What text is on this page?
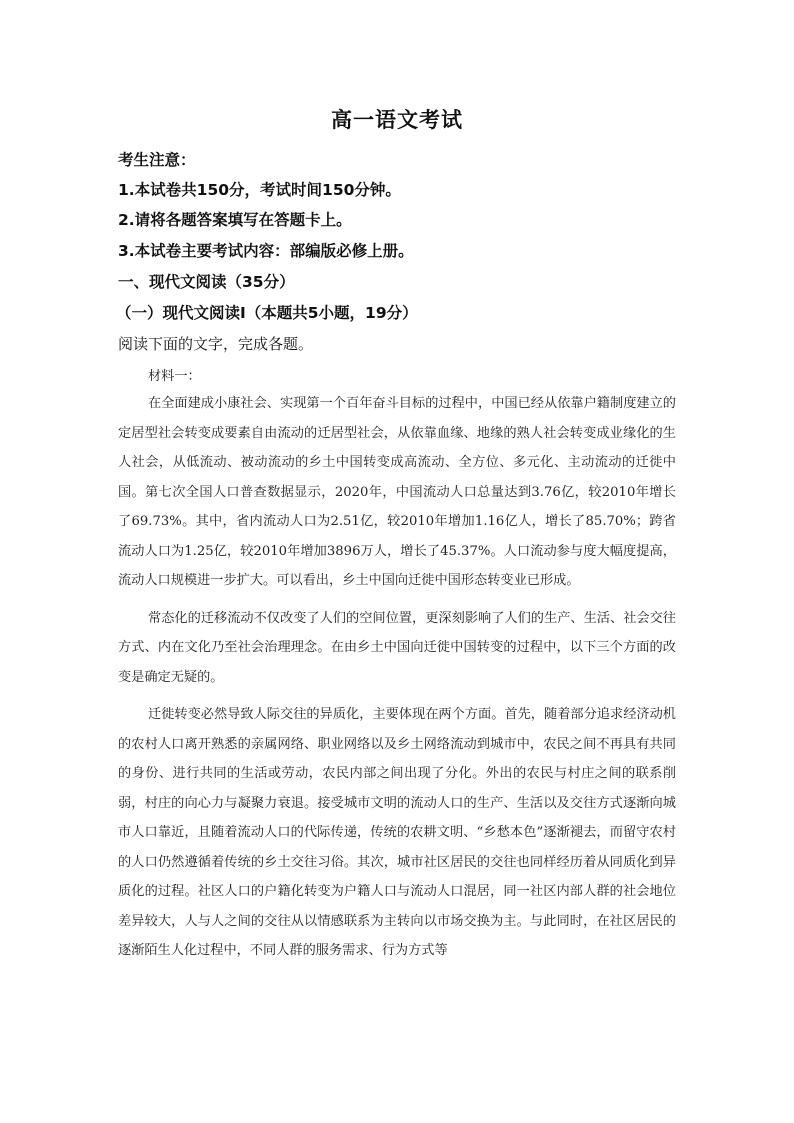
高一语文考试
考生注意：
1.本试卷共150分，考试时间150分钟。
2.请将各题答案填写在答题卡上。
3.本试卷主要考试内容：部编版必修上册。
一、现代文阅读（35分）
（一）现代文阅读Ⅰ（本题共5小题，19分）
阅读下面的文字，完成各题。
材料一：

在全面建成小康社会、实现第一个百年奋斗目标的过程中，中国已经从依靠户籍制度建立的定居型社会转变成要素自由流动的迁居型社会，从依靠血缘、地缘的熟人社会转变成业缘化的生人社会，从低流动、被动流动的乡土中国转变成高流动、全方位、多元化、主动流动的迁徙中国。第七次全国人口普查数据显示，2020年，中国流动人口总量达到3.76亿，较2010年增长了69.73%。其中，省内流动人口为2.51亿，较2010年增加1.16亿人，增长了85.70%；跨省流动人口为1.25亿，较2010年增加3896万人，增长了45.37%。人口流动参与度大幅度提高，流动人口规模进一步扩大。可以看出，乡土中国向迁徙中国形态转变业已形成。

常态化的迁移流动不仅改变了人们的空间位置，更深刻影响了人们的生产、生活、社会交往方式、内在文化乃至社会治理理念。在由乡土中国向迁徙中国转变的过程中，以下三个方面的改变是确定无疑的。

迁徙转变必然导致人际交往的异质化，主要体现在两个方面。首先，随着部分追求经济动机的农村人口离开熟悉的亲属网络、职业网络以及乡土网络流动到城市中，农民之间不再具有共同的身份、进行共同的生活或劳动，农民内部之间出现了分化。外出的农民与村庄之间的联系削弱，村庄的向心力与凝聚力衰退。接受城市文明的流动人口的生产、生活以及交往方式逐渐向城市人口靠近，且随着流动人口的代际传递，传统的农耕文明、“乡愁本色”逐渐褪去，而留守农村的人口仍然遵循着传统的乡土交往习俗。其次，城市社区居民的交往也同样经历着从同质化到异质化的过程。社区人口的户籍化转变为户籍人口与流动人口混居，同一社区内部人群的社会地位差异较大，人与人之间的交往从以情感联系为主转向以市场交换为主。与此同时，在社区居民的逐渐陌生人化过程中，不同人群的服务需求、行为方式等
